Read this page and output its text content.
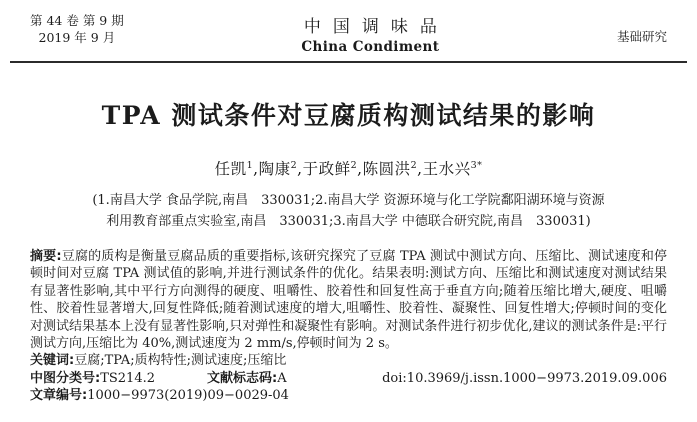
第 44 卷 第 9 期
2019 年 9 月
中国调味品
China Condiment
基础研究
TPA 测试条件对豆腐质构测试结果的影响
任凯$^1$,陶康$^2$,于政鲜$^2$,陈圆洪$^2$,王水兴$^{3*}$
(1.南昌大学 食品学院,南昌　330031;2.南昌大学 资源环境与化工学院鄱阳湖环境与资源
利用教育部重点实验室,南昌　330031;3.南昌大学 中德联合研究院,南昌　330031)
摘要:豆腐的质构是衡量豆腐品质的重要指标,该研究探究了豆腐 TPA 测试中测试方向、压缩比、测试速度和停顿时间对豆腐 TPA 测试值的影响,并进行测试条件的优化。结果表明:测试方向、压缩比和测试速度对测试结果有显著性影响,其中平行方向测得的硬度、咀嚼性、胶着性和回复性高于垂直方向;随着压缩比增大,硬度、咀嚼性、胶着性显著增大,回复性降低;随着测试速度的增大,咀嚼性、胶着性、凝聚性、回复性增大;停顿时间的变化对测试结果基本上没有显著性影响,只对弹性和凝聚性有影响。对测试条件进行初步优化,建议的测试条件是:平行测试方向,压缩比为 40%,测试速度为 2 mm/s,停顿时间为 2 s。
关键词:豆腐;TPA;质构特性;测试速度;压缩比
中图分类号:TS214.2	文献标志码:A	doi:10.3969/j.issn.1000−9973.2019.09.006
文章编号:1000−9973(2019)09−0029-04
